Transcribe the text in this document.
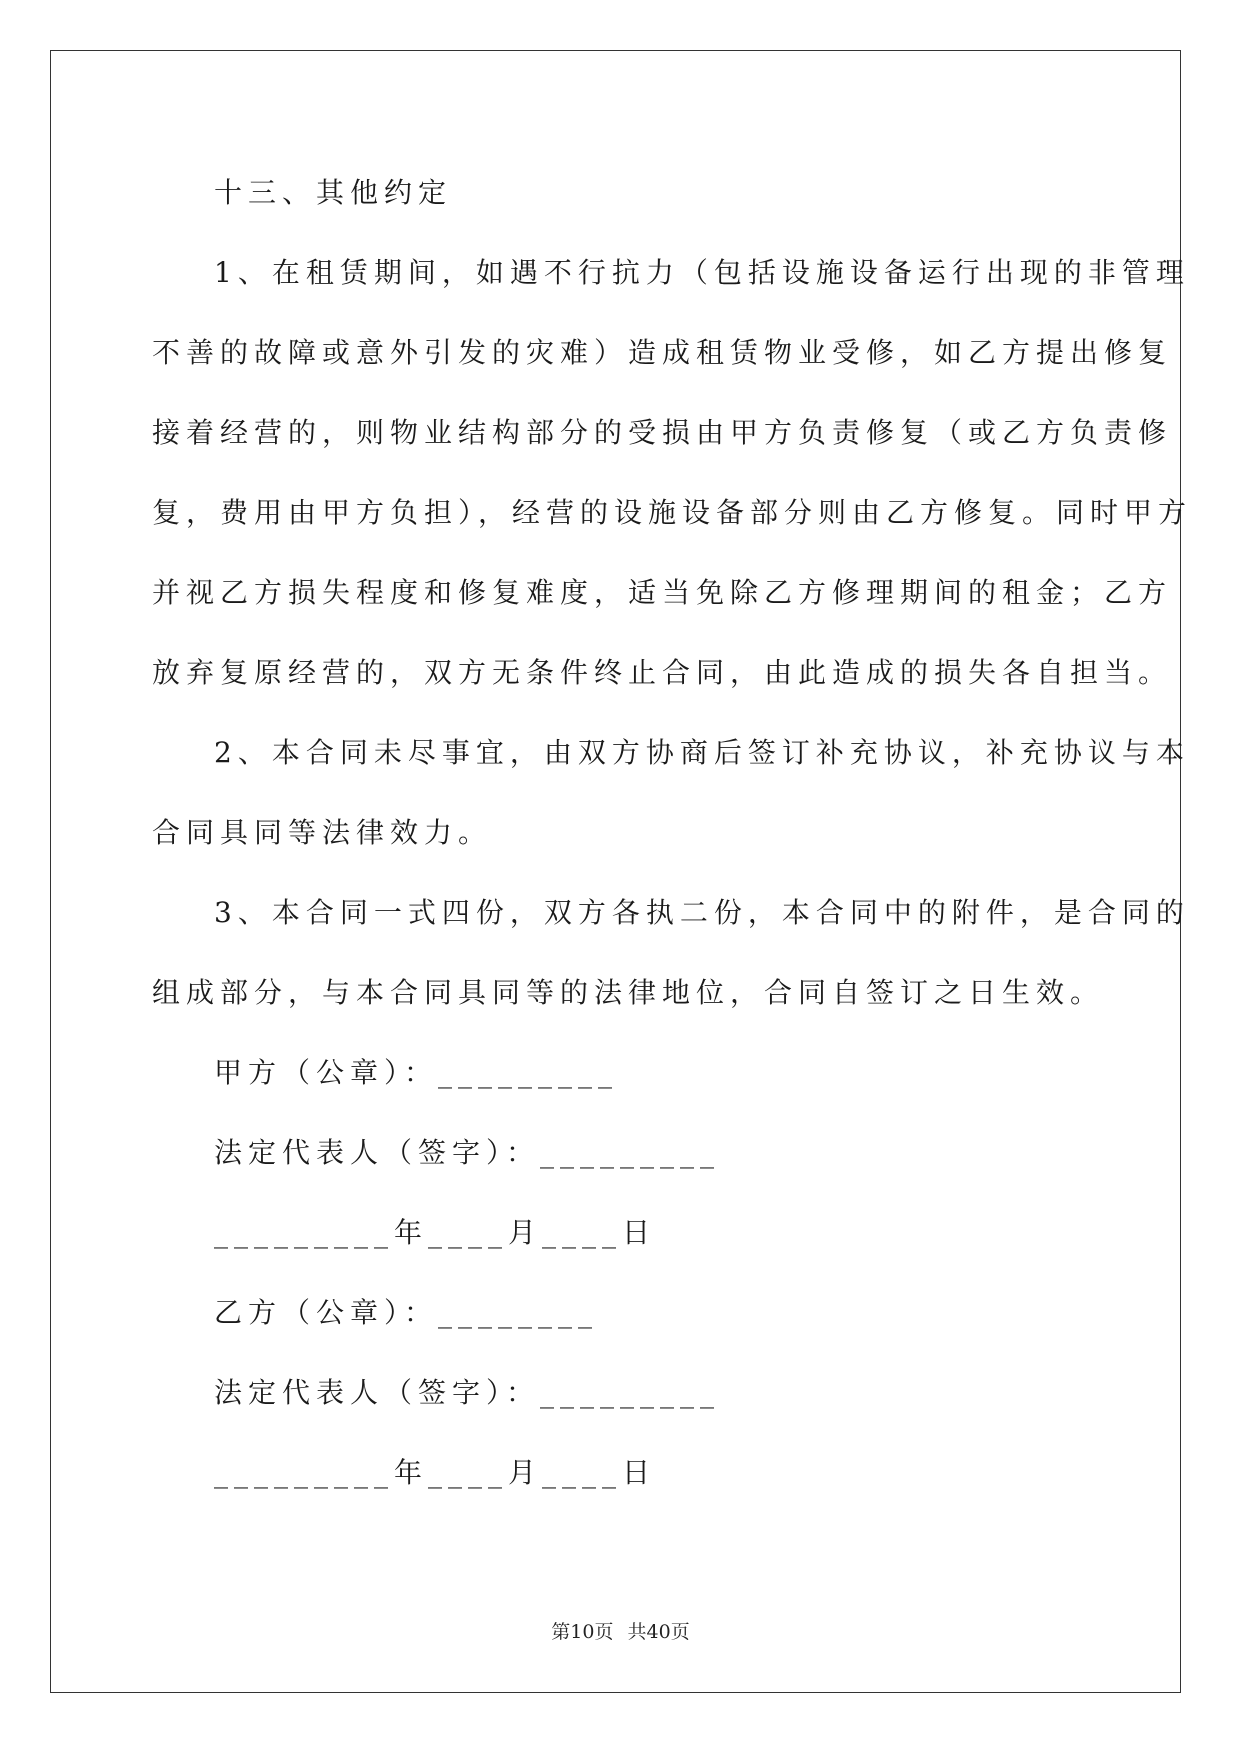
十三、其他约定
1、在租赁期间，如遇不行抗力（包括设施设备运行出现的非管理
不善的故障或意外引发的灾难）造成租赁物业受修，如乙方提出修复
接着经营的，则物业结构部分的受损由甲方负责修复（或乙方负责修
复，费用由甲方负担），经营的设施设备部分则由乙方修复。同时甲方
并视乙方损失程度和修复难度，适当免除乙方修理期间的租金；乙方
放弃复原经营的，双方无条件终止合同，由此造成的损失各自担当。
2、本合同未尽事宜，由双方协商后签订补充协议，补充协议与本
合同具同等法律效力。
3、本合同一式四份，双方各执二份，本合同中的附件，是合同的
组成部分，与本合同具同等的法律地位，合同自签订之日生效。
甲方（公章）：_________
法定代表人（签字）：_________
_________年____月____日
乙方（公章）：________
法定代表人（签字）：_________
_________年____月____日
第10页 共40页
